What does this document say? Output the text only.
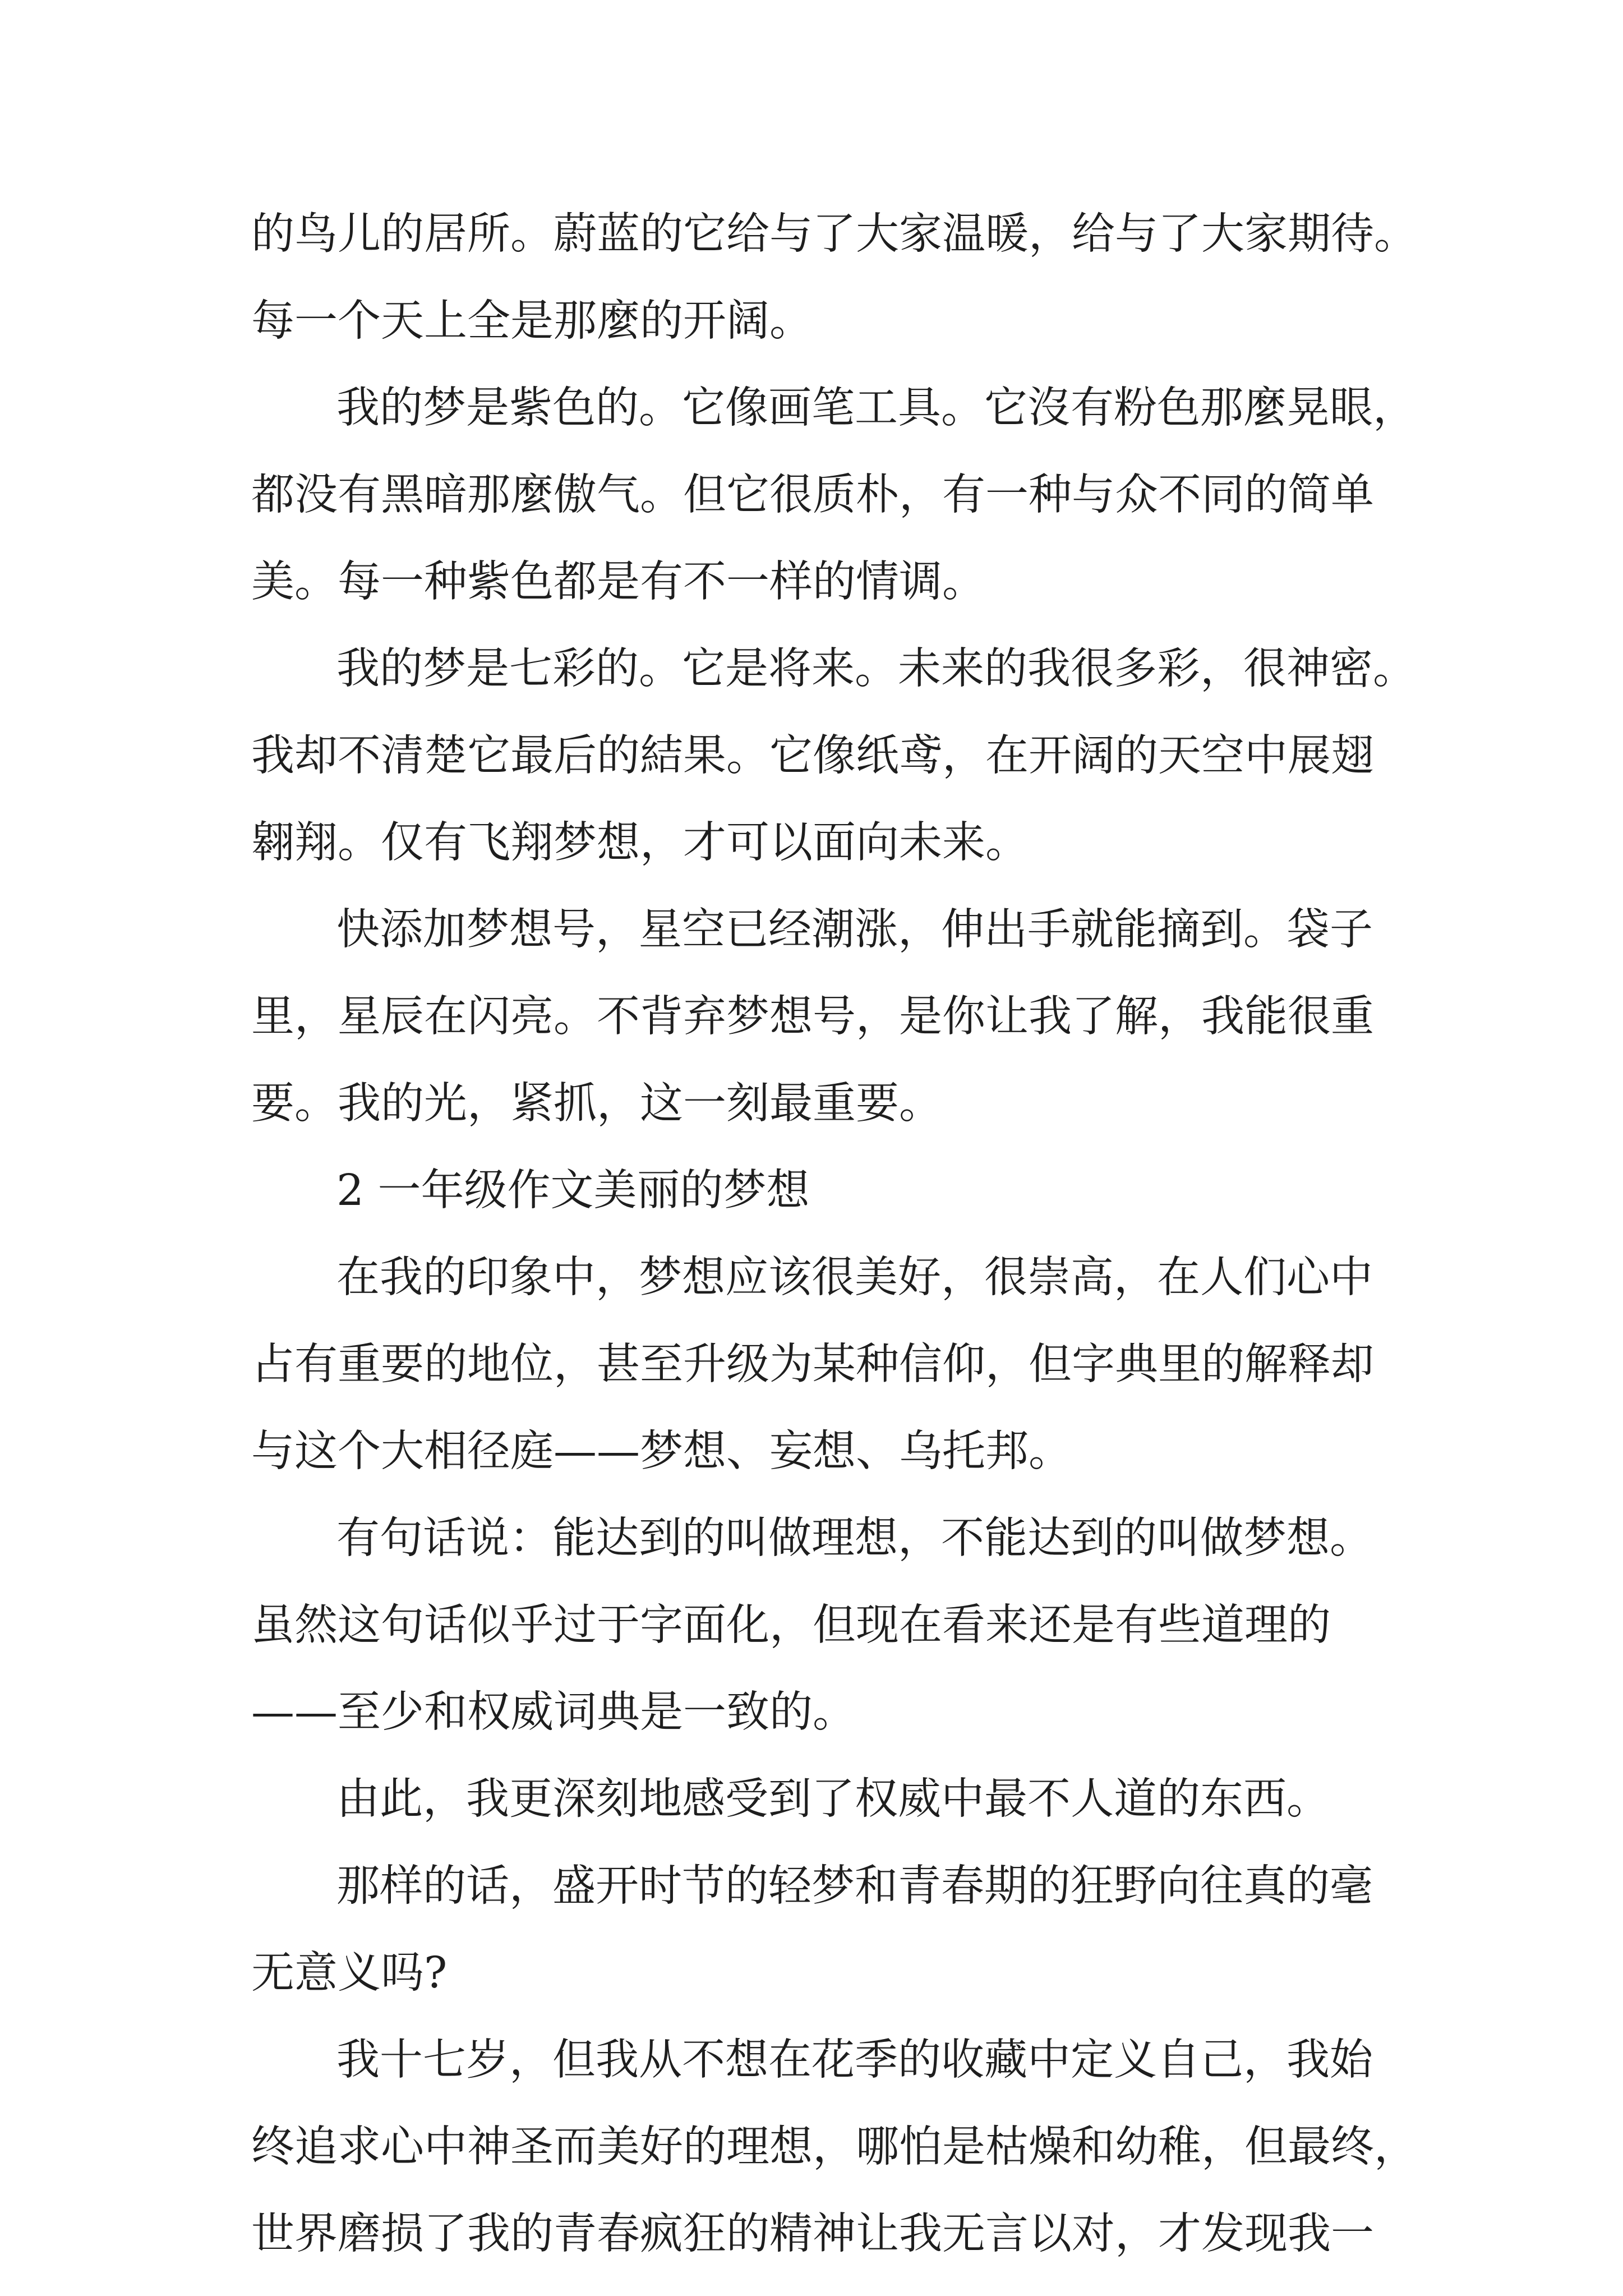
的鸟儿的居所。蔚蓝的它给与了大家温暖，给与了大家期待。
每一个天上全是那麼的开阔。
我的梦是紫色的。它像画笔工具。它沒有粉色那麼晃眼，
都没有黑暗那麼傲气。但它很质朴，有一种与众不同的简单
美。每一种紫色都是有不一样的情调。
我的梦是七彩的。它是将来。未来的我很多彩，很神密。
我却不清楚它最后的結果。它像纸鸢，在开阔的天空中展翅
翱翔。仅有飞翔梦想，才可以面向未来。
快添加梦想号，星空已经潮涨，伸出手就能摘到。袋子
里，星辰在闪亮。不背弃梦想号，是你让我了解，我能很重
要。我的光，紧抓，这一刻最重要。
2 一年级作文美丽的梦想
在我的印象中，梦想应该很美好，很崇高，在人们心中
占有重要的地位，甚至升级为某种信仰，但字典里的解释却
与这个大相径庭——梦想、妄想、乌托邦。
有句话说：能达到的叫做理想，不能达到的叫做梦想。
虽然这句话似乎过于字面化，但现在看来还是有些道理的
——至少和权威词典是一致的。
由此，我更深刻地感受到了权威中最不人道的东西。
那样的话，盛开时节的轻梦和青春期的狂野向往真的毫
无意义吗?
我十七岁，但我从不想在花季的收藏中定义自己，我始
终追求心中神圣而美好的理想，哪怕是枯燥和幼稚，但最终，
世界磨损了我的青春疯狂的精神让我无言以对，才发现我一
